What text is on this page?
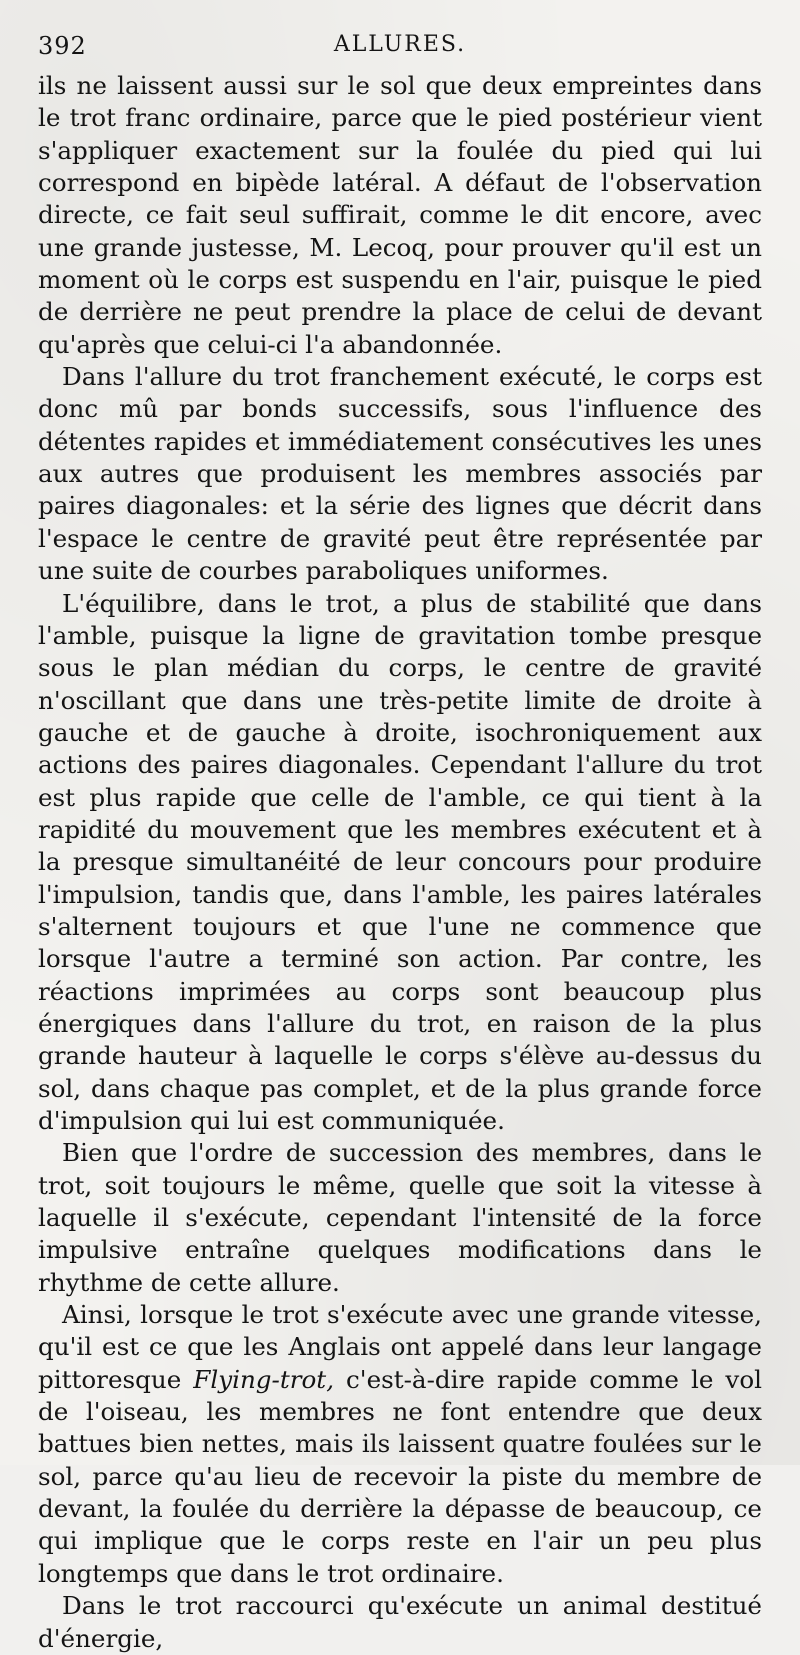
392	ALLURES.

ils ne laissent aussi sur le sol que deux empreintes dans le trot franc ordinaire, parce que le pied postérieur vient s'appliquer exactement sur la foulée du pied qui lui correspond en bipède latéral. A défaut de l'observation directe, ce fait seul suffirait, comme le dit encore, avec une grande justesse, M. Lecoq, pour prouver qu'il est un moment où le corps est suspendu en l'air, puisque le pied de derrière ne peut prendre la place de celui de devant qu'après que celui-ci l'a abandonnée.

Dans l'allure du trot franchement exécuté, le corps est donc mû par bonds successifs, sous l'influence des détentes rapides et immédiatement consécutives les unes aux autres que produisent les membres associés par paires diagonales: et la série des lignes que décrit dans l'espace le centre de gravité peut être représentée par une suite de courbes paraboliques uniformes.

L'équilibre, dans le trot, a plus de stabilité que dans l'amble, puisque la ligne de gravitation tombe presque sous le plan médian du corps, le centre de gravité n'oscillant que dans une très-petite limite de droite à gauche et de gauche à droite, isochroniquement aux actions des paires diagonales. Cependant l'allure du trot est plus rapide que celle de l'amble, ce qui tient à la rapidité du mouvement que les membres exécutent et à la presque simultanéité de leur concours pour produire l'impulsion, tandis que, dans l'amble, les paires latérales s'alternent toujours et que l'une ne commence que lorsque l'autre a terminé son action. Par contre, les réactions imprimées au corps sont beaucoup plus énergiques dans l'allure du trot, en raison de la plus grande hauteur à laquelle le corps s'élève au-dessus du sol, dans chaque pas complet, et de la plus grande force d'impulsion qui lui est communiquée.

Bien que l'ordre de succession des membres, dans le trot, soit toujours le même, quelle que soit la vitesse à laquelle il s'exécute, cependant l'intensité de la force impulsive entraîne quelques modifications dans le rhythme de cette allure.

Ainsi, lorsque le trot s'exécute avec une grande vitesse, qu'il est ce que les Anglais ont appelé dans leur langage pittoresque Flying-trot, c'est-à-dire rapide comme le vol de l'oiseau, les membres ne font entendre que deux battues bien nettes, mais ils laissent quatre foulées sur le sol, parce qu'au lieu de recevoir la piste du membre de devant, la foulée du derrière la dépasse de beaucoup, ce qui implique que le corps reste en l'air un peu plus longtemps que dans le trot ordinaire.

Dans le trot raccourci qu'exécute un animal destitué d'énergie,
